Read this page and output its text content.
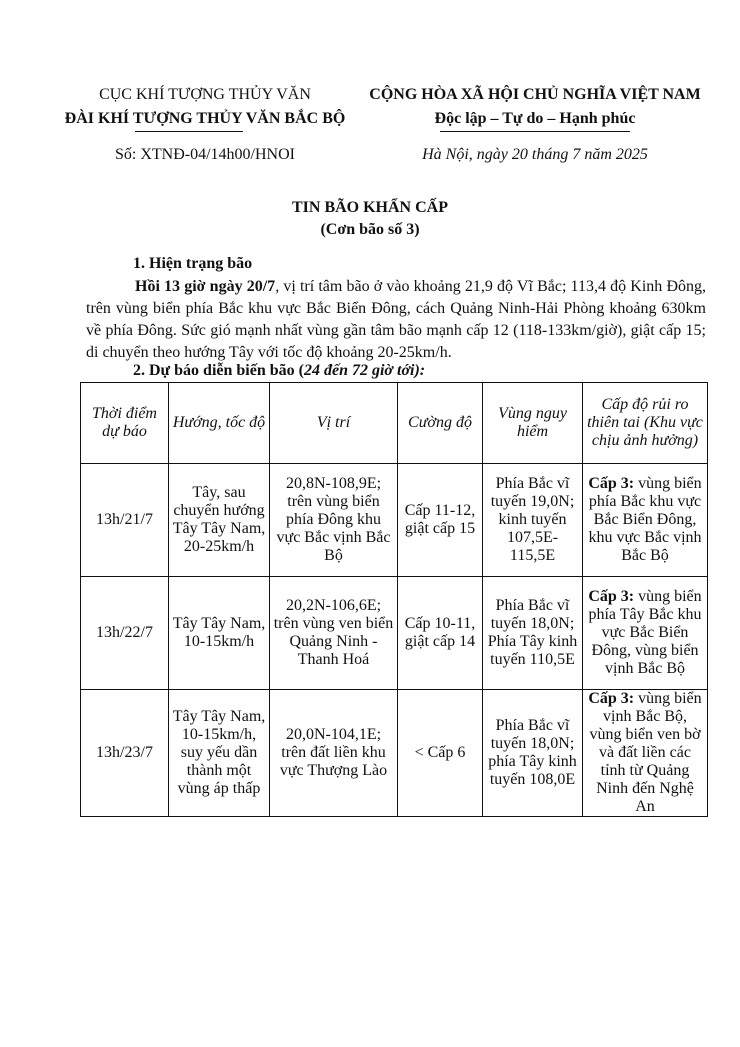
CỤC KHÍ TƯỢNG THỦY VĂN
ĐÀI KHÍ TƯỢNG THỦY VĂN BẮC BỘ
Số: XTNĐ-04/14h00/HNOI
CỘNG HÒA XÃ HỘI CHỦ NGHĨA VIỆT NAM
Độc lập – Tự do – Hạnh phúc
Hà Nội, ngày 20 tháng 7 năm 2025
TIN BÃO KHẨN CẤP
(Cơn bão số 3)
1. Hiện trạng bão
Hồi 13 giờ ngày 20/7, vị trí tâm bão ở vào khoảng 21,9 độ Vĩ Bắc; 113,4 độ Kinh Đông, trên vùng biển phía Bắc khu vực Bắc Biển Đông, cách Quảng Ninh-Hải Phòng khoảng 630km về phía Đông. Sức gió mạnh nhất vùng gần tâm bão mạnh cấp 12 (118-133km/giờ), giật cấp 15; di chuyển theo hướng Tây với tốc độ khoảng 20-25km/h.
2. Dự báo diễn biến bão (24 đến 72 giờ tới):
Thời điểm dự báo	Hướng, tốc độ	Vị trí	Cường độ	Vùng nguy hiểm	Cấp độ rủi ro thiên tai (Khu vực chịu ảnh hưởng)
13h/21/7	Tây, sau chuyển hướng Tây Tây Nam, 20-25km/h	20,8N-108,9E; trên vùng biển phía Đông khu vực Bắc vịnh Bắc Bộ	Cấp 11-12, giật cấp 15	Phía Bắc vĩ tuyến 19,0N; kinh tuyến 107,5E-115,5E	Cấp 3: vùng biển phía Bắc khu vực Bắc Biển Đông, khu vực Bắc vịnh Bắc Bộ
13h/22/7	Tây Tây Nam, 10-15km/h	20,2N-106,6E; trên vùng ven biển Quảng Ninh - Thanh Hoá	Cấp 10-11, giật cấp 14	Phía Bắc vĩ tuyến 18,0N; Phía Tây kinh tuyến 110,5E	Cấp 3: vùng biển phía Tây Bắc khu vực Bắc Biển Đông, vùng biển vịnh Bắc Bộ
13h/23/7	Tây Tây Nam, 10-15km/h, suy yếu dần thành một vùng áp thấp	20,0N-104,1E; trên đất liền khu vực Thượng Lào	< Cấp 6	Phía Bắc vĩ tuyến 18,0N; phía Tây kinh tuyến 108,0E	Cấp 3: vùng biển vịnh Bắc Bộ, vùng biển ven bờ và đất liền các tỉnh từ Quảng Ninh đến Nghệ An
